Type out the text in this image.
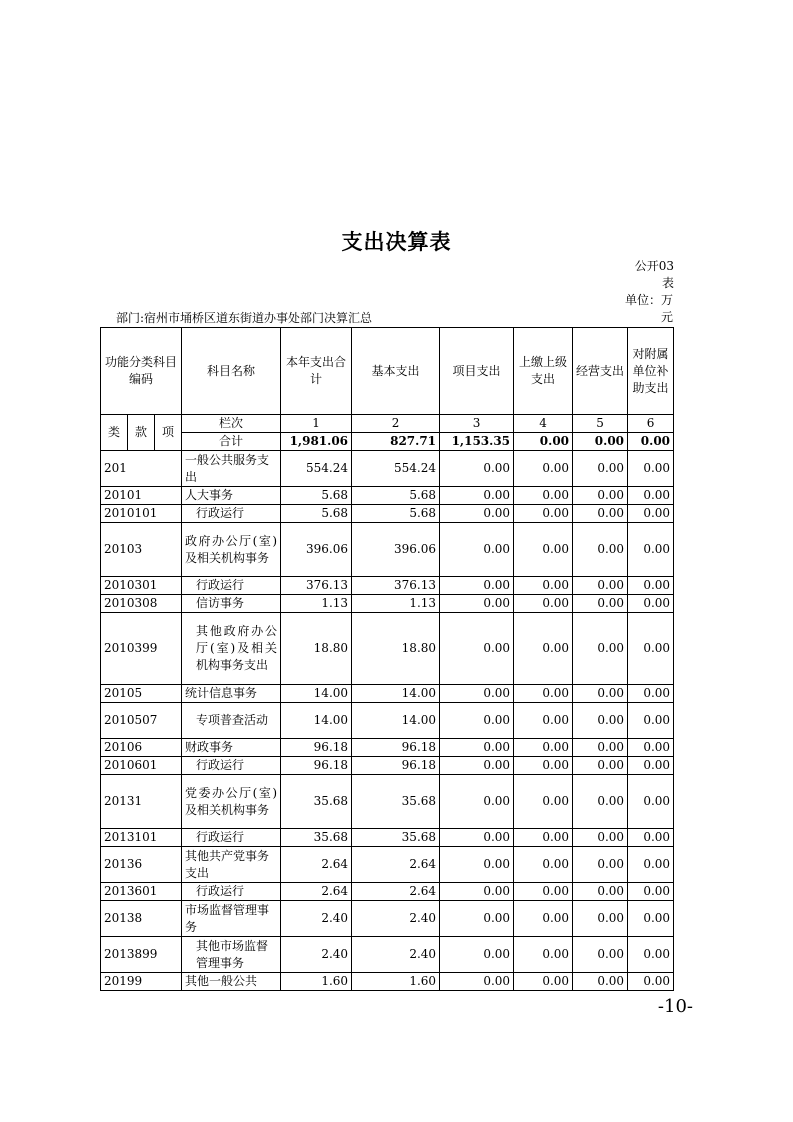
支出决算表
公开03
表
单位：万
元
部门:宿州市埇桥区道东街道办事处部门决算汇总
功能分类科目编码			科目名称	本年支出合计	基本支出	项目支出	上缴上级支出	经营支出	对附属单位补助支出
类	款	项	栏次	1	2	3	4	5	6
			合计	1,981.06	827.71	1,153.35	0.00	0.00	0.00
201			一般公共服务支出	554.24	554.24	0.00	0.00	0.00	0.00
20101			人大事务	5.68	5.68	0.00	0.00	0.00	0.00
2010101			行政运行	5.68	5.68	0.00	0.00	0.00	0.00
20103			政府办公厅(室)及相关机构事务	396.06	396.06	0.00	0.00	0.00	0.00
2010301			行政运行	376.13	376.13	0.00	0.00	0.00	0.00
2010308			信访事务	1.13	1.13	0.00	0.00	0.00	0.00
2010399			其他政府办公厅(室)及相关机构事务支出	18.80	18.80	0.00	0.00	0.00	0.00
20105			统计信息事务	14.00	14.00	0.00	0.00	0.00	0.00
2010507			专项普查活动	14.00	14.00	0.00	0.00	0.00	0.00
20106			财政事务	96.18	96.18	0.00	0.00	0.00	0.00
2010601			行政运行	96.18	96.18	0.00	0.00	0.00	0.00
20131			党委办公厅(室)及相关机构事务	35.68	35.68	0.00	0.00	0.00	0.00
2013101			行政运行	35.68	35.68	0.00	0.00	0.00	0.00
20136			其他共产党事务支出	2.64	2.64	0.00	0.00	0.00	0.00
2013601			行政运行	2.64	2.64	0.00	0.00	0.00	0.00
20138			市场监督管理事务	2.40	2.40	0.00	0.00	0.00	0.00
2013899			其他市场监督管理事务	2.40	2.40	0.00	0.00	0.00	0.00
20199			其他一般公共	1.60	1.60	0.00	0.00	0.00	0.00
-10-
